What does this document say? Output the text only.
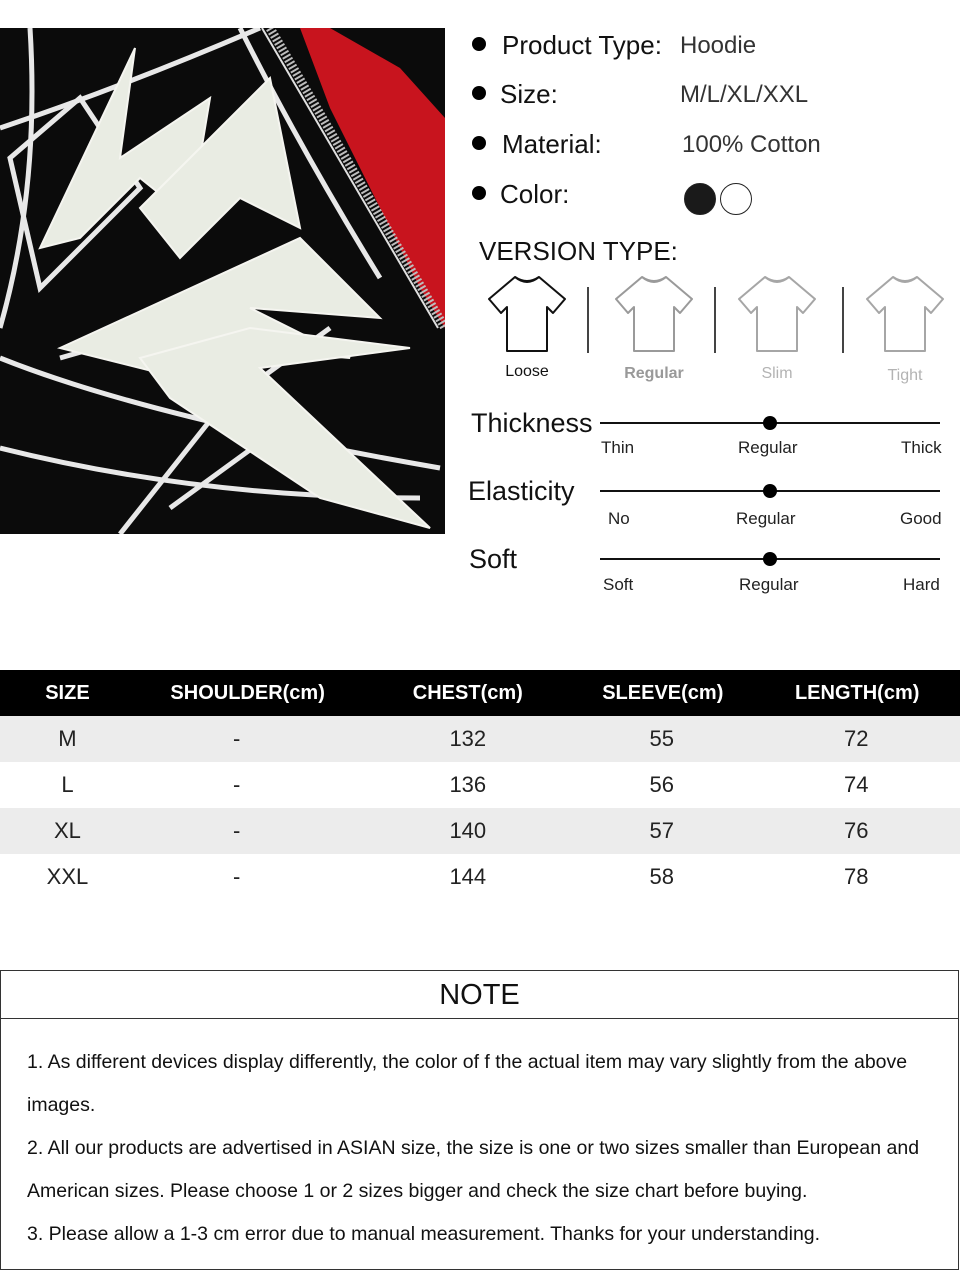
Product Type: Hoodie
Size:	M/L/XL/XXL
Material:	100% Cotton
Color:
VERSION TYPE:
Loose	Regular	Slim	Tight
Thickness
Thin	Regular	Thick
Elasticity
No	Regular	Good
Soft
Soft	Regular	Hard
SIZE	SHOULDER(cm)	CHEST(cm)	SLEEVE(cm)	LENGTH(cm)
M	-	132	55	72
L	-	136	56	74
XL	-	140	57	76
XXL	-	144	58	78
NOTE

1. As different devices display differently, the color of f the actual item may vary slightly from the above images.

2. All our products are advertised in ASIAN size, the size is one or two sizes smaller than European and American sizes. Please choose 1 or 2 sizes bigger and check the size chart before buying.

3. Please allow a 1-3 cm error due to manual measurement. Thanks for your understanding.
